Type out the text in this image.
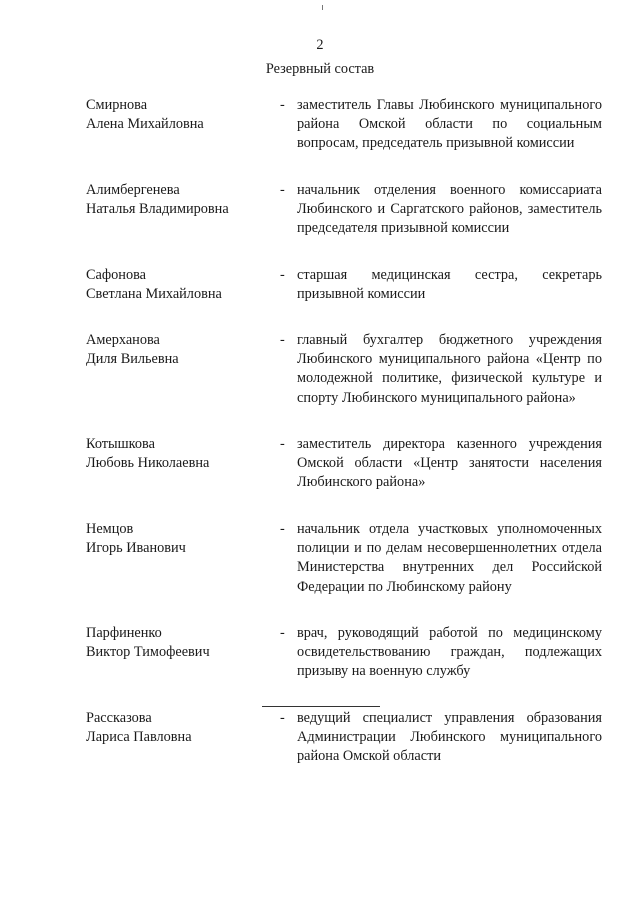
2
Резервный состав
Смирнова
Алена Михайловна
- заместитель Главы Любинского муниципального района Омской области по социальным вопросам, председатель призывной комиссии
Алимбергенева
Наталья Владимировна
- начальник отделения военного комиссариата Любинского и Саргатского районов, заместитель председателя призывной комиссии
Сафонова
Светлана Михайловна
- старшая медицинская сестра, секретарь призывной комиссии
Амерханова
Диля Вильевна
- главный бухгалтер бюджетного учреждения Любинского муниципального района «Центр по молодежной политике, физической культуре и спорту Любинского муниципального района»
Котышкова
Любовь Николаевна
- заместитель директора казенного учреждения Омской области «Центр занятости населения Любинского района»
Немцов
Игорь Иванович
- начальник отдела участковых уполномоченных полиции и по делам несовершеннолетних отдела Министерства внутренних дел Российской Федерации по Любинскому району
Парфиненко
Виктор Тимофеевич
- врач, руководящий работой по медицинскому освидетельствованию граждан, подлежащих призыву на военную службу
Рассказова
Лариса Павловна
- ведущий специалист управления образования Администрации Любинского муниципального района Омской области
